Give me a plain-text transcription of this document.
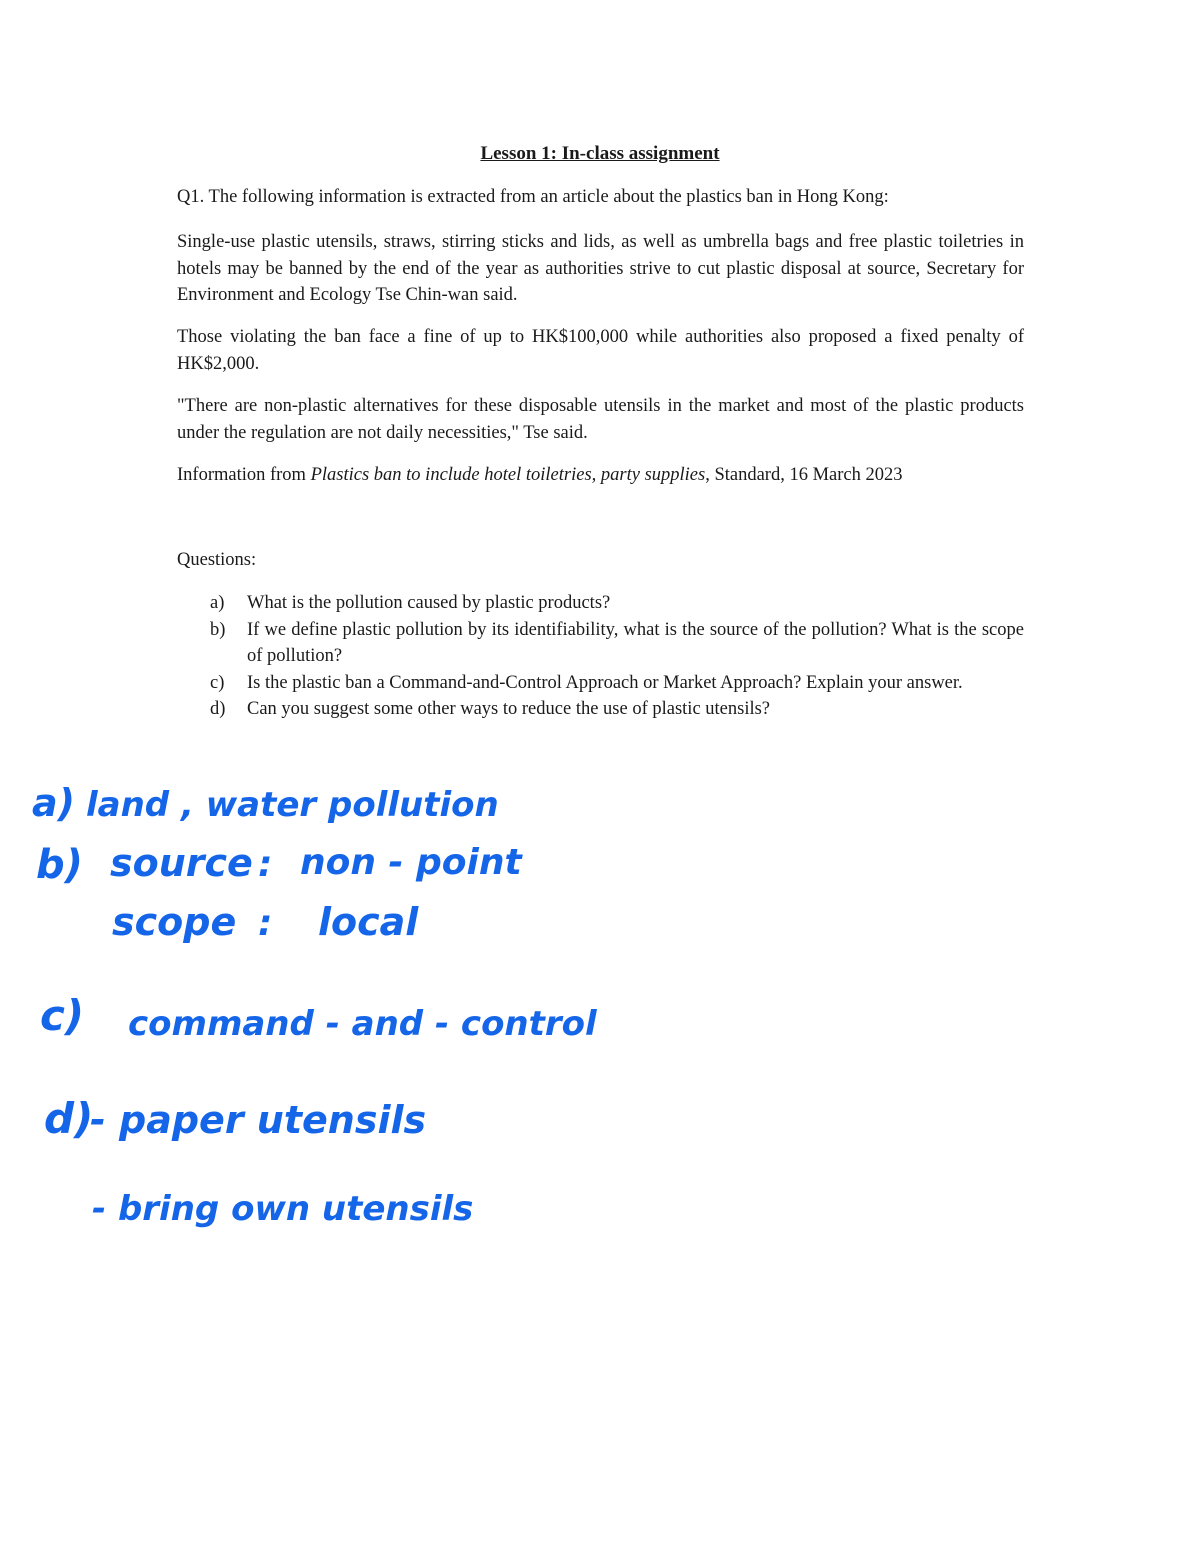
Lesson 1: In-class assignment

Q1. The following information is extracted from an article about the plastics ban in Hong Kong:

Single-use plastic utensils, straws, stirring sticks and lids, as well as umbrella bags and free plastic toiletries in hotels may be banned by the end of the year as authorities strive to cut plastic disposal at source, Secretary for Environment and Ecology Tse Chin-wan said.

Those violating the ban face a fine of up to HK$100,000 while authorities also proposed a fixed penalty of HK$2,000.

"There are non-plastic alternatives for these disposable utensils in the market and most of the plastic products under the regulation are not daily necessities," Tse said.

Information from Plastics ban to include hotel toiletries, party supplies, Standard, 16 March 2023

Questions:

a)	What is the pollution caused by plastic products?
b)	If we define plastic pollution by its identifiability, what is the source of the pollution? What is the scope of pollution?
c)	Is the plastic ban a Command-and-Control Approach or Market Approach? Explain your answer.
d)	Can you suggest some other ways to reduce the use of plastic utensils?
a) land , water pollution
b) source : non - point
scope : local
c) command - and - control
d)
- paper utensils
- bring own utensils
